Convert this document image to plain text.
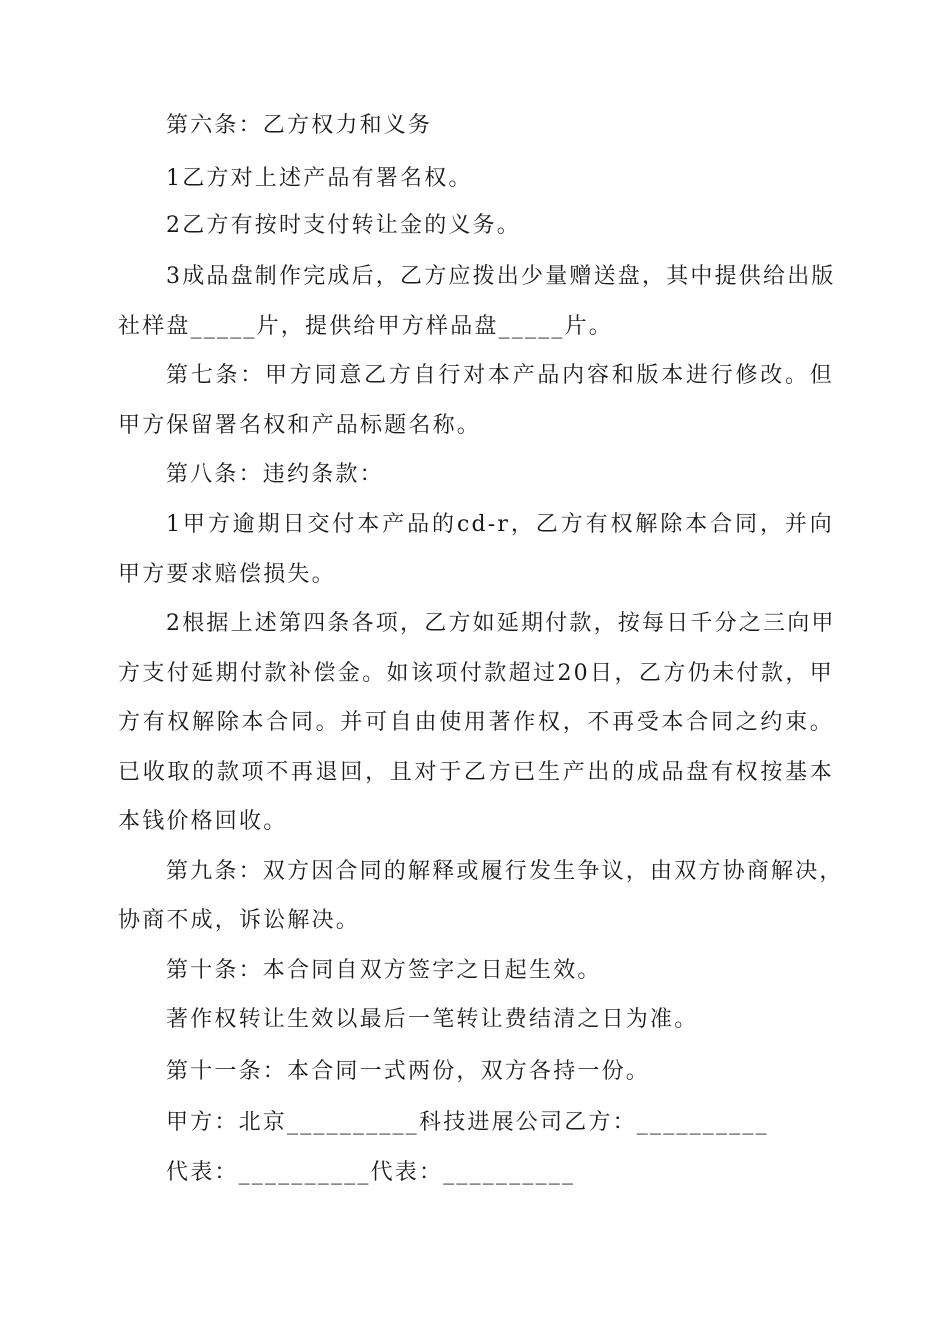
第六条：乙方权力和义务
1乙方对上述产品有署名权。
2乙方有按时支付转让金的义务。
3成品盘制作完成后，乙方应拨出少量赠送盘，其中提供给出版
社样盘_____片，提供给甲方样品盘_____片。
第七条：甲方同意乙方自行对本产品内容和版本进行修改。但
甲方保留署名权和产品标题名称。
第八条：违约条款：
1甲方逾期日交付本产品的cd-r，乙方有权解除本合同，并向
甲方要求赔偿损失。
2根据上述第四条各项，乙方如延期付款，按每日千分之三向甲
方支付延期付款补偿金。如该项付款超过20日，乙方仍未付款，甲
方有权解除本合同。并可自由使用著作权，不再受本合同之约束。
已收取的款项不再退回，且对于乙方已生产出的成品盘有权按基本
本钱价格回收。
第九条：双方因合同的解释或履行发生争议，由双方协商解决，
协商不成，诉讼解决。
第十条：本合同自双方签字之日起生效。
著作权转让生效以最后一笔转让费结清之日为准。
第十一条：本合同一式两份，双方各持一份。
甲方：北京__________科技进展公司乙方：__________
代表：__________代表：__________
